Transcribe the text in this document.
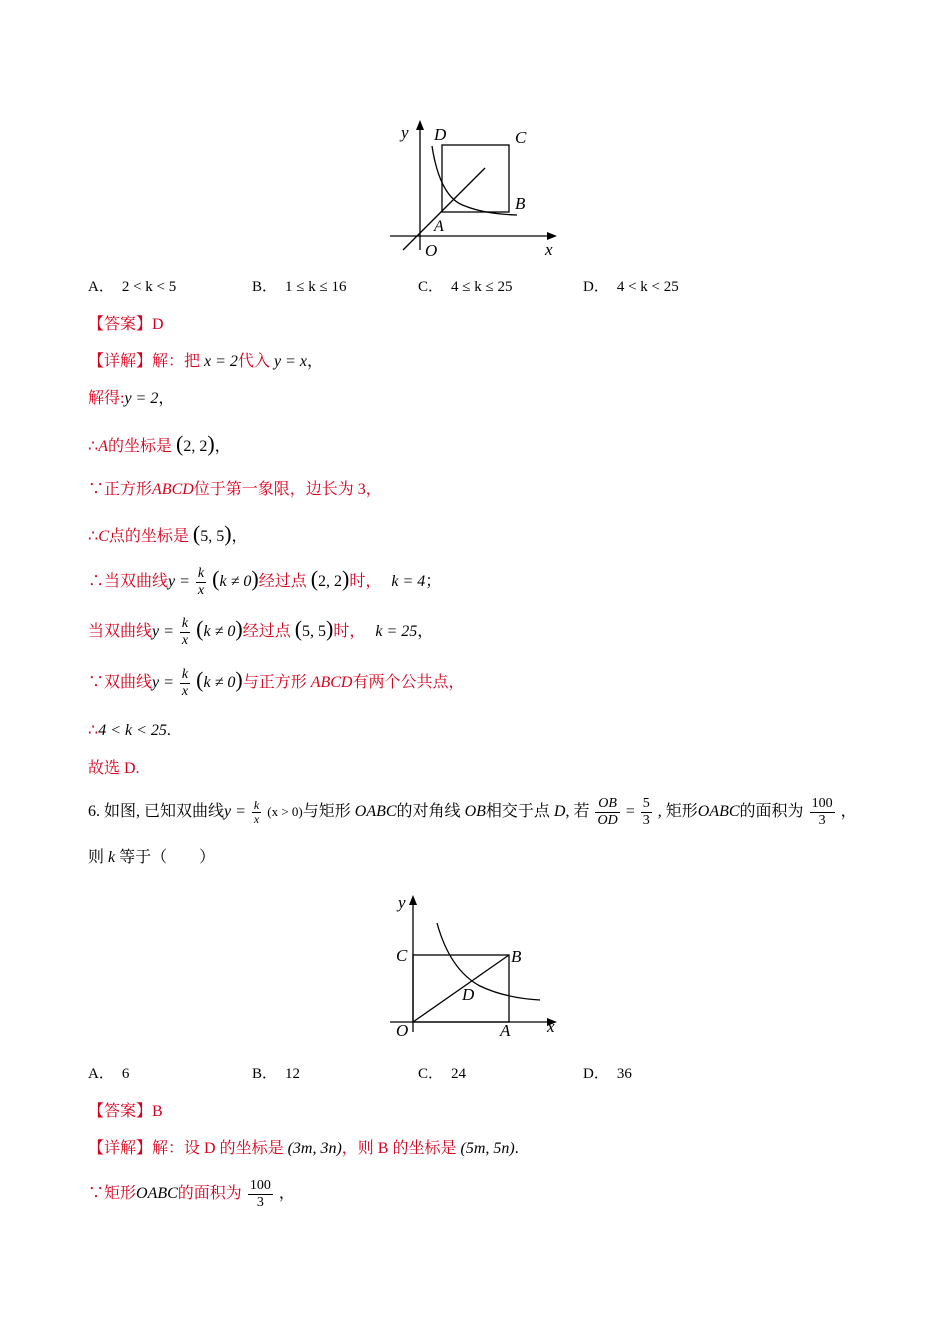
y D	C
B
A
O	x
A． 2 < k < 5	B． 1 ≤ k ≤ 16	C． 4 ≤ k ≤ 25	D． 4 < k < 25
【答案】D
【详解】解：把 x = 2代入 y = x，
解得:y = 2，
∴A的坐标是 (2, 2)，
∵正方形ABCD位于第一象限，边长为 3，
∴C点的坐标是 (5, 5)，
∴当双曲线$y = \frac{k}{x} (k \ne 0)$经过点 (2, 2)时， k = 4；
当双曲线$y = \frac{k}{x} (k \ne 0)$经过点 (5, 5)时， k = 25，
∵双曲线$y = \frac{k}{x} (k \ne 0)$与正方形 ABCD有两个公共点，
∴4 < k < 25.
故选 D.
6. 如图, 已知双曲线$y = \frac{k}{x} (x > 0)$与矩形 OABC的对角线 OB相交于点 D, 若 $\frac{OB}{OD} = \frac{5}{3}$ , 矩形OABC的面积为 $\frac{100}{3}$ ，
则 k 等于（　　）
y
C	B
D
O	A x
A． 6	B． 12	C． 24	D． 36
【答案】B
【详解】解：设 D 的坐标是 (3m, 3n)，则 B 的坐标是 (5m, 5n).
∵矩形OABC的面积为 $\frac{100}{3}$ ，
